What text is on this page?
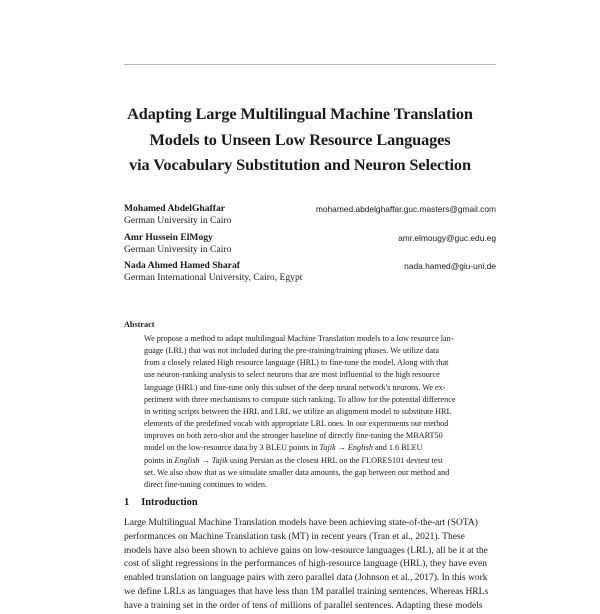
Adapting Large Multilingual Machine Translation
Models to Unseen Low Resource Languages
via Vocabulary Substitution and Neuron Selection
Mohamed AbdelGhaffar
German University in Cairo
mohamed.abdelghaffar.guc.masters@gmail.com
Amr Hussein ElMogy
German University in Cairo
amr.elmougy@guc.edu.eg
Nada Ahmed Hamed Sharaf
German International University, Cairo, Egypt
nada.hamed@giu-uni.de
Abstract
We propose a method to adapt multilingual Machine Translation models to a low resource lan-
guage (LRL) that was not included during the pre-training/training phases. We utilize data
from a closely related High resource language (HRL) to fine-tune the model. Along with that
use neuron-ranking analysis to select neurons that are most influential to the high resource
language (HRL) and fine-tune only this subset of the deep neural network's neurons. We ex-
periment with three mechanisms to compute such ranking. To allow for the potential difference
in writing scripts between the HRL and LRL we utilize an alignment model to substitute HRL
elements of the predefined vocab with appropriate LRL ones. In our experiments our method
improves on both zero-shot and the stronger baseline of directly fine-tuning the MBART50
model on the low-resource data by 3 BLEU points in Tajik → English and 1.6 BLEU
points in English → Tajik using Persian as the closest HRL on the FLORES101 devtest test
set. We also show that as we simulate smaller data amounts, the gap between our method and
direct fine-tuning continues to widen.
1 Introduction
Large Multilingual Machine Translation models have been achieving state-of-the-art (SOTA)
performances on Machine Translation task (MT) in recent years (Tran et al., 2021). These
models have also been shown to achieve gains on low-resource languages (LRL), all be it at the
cost of slight regressions in the performances of high-resource language (HRL), they have even
enabled translation on language pairs with zero parallel data (Johnson et al., 2017). In this work
we define LRLs as languages that have less than 1M parallel training sentences. Whereas HRLs
have a training set in the order of tens of millions of parallel sentences. Adapting these models
